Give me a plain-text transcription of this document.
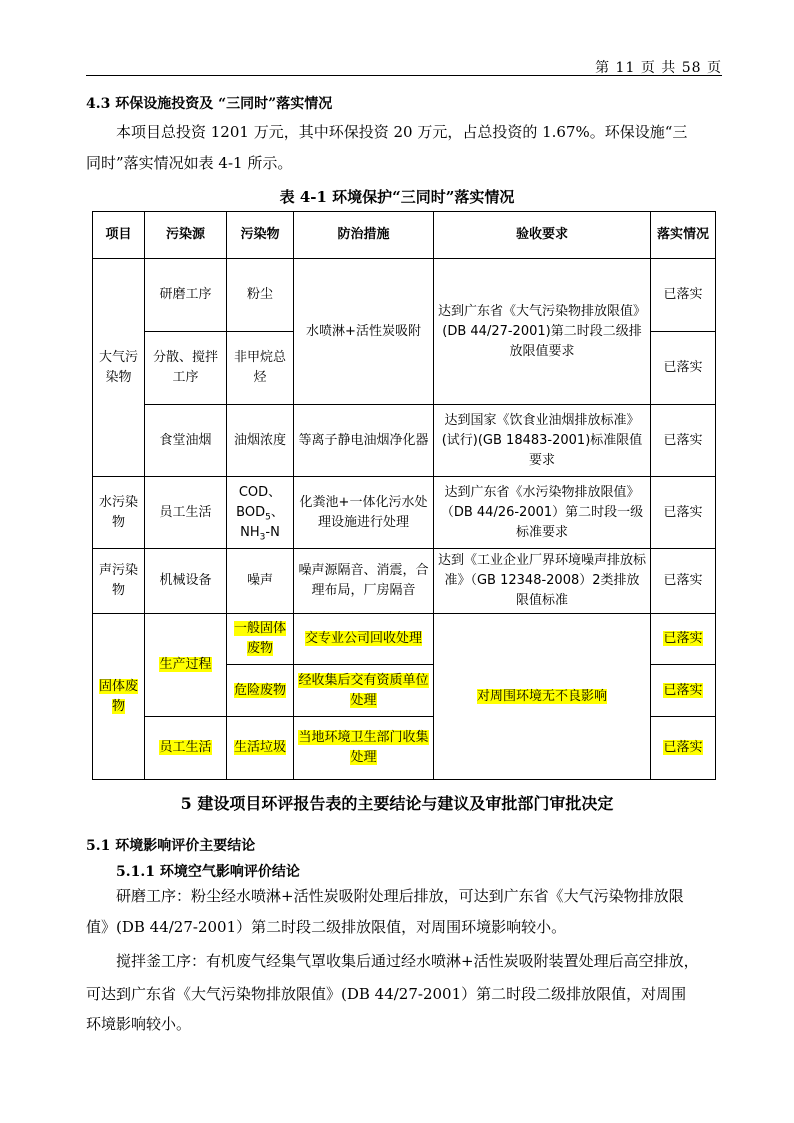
第 11 页 共 58 页
4.3 环保设施投资及 “三同时”落实情况
本项目总投资 1201 万元，其中环保投资 20 万元，占总投资的 1.67%。环保设施“三
同时”落实情况如表 4-1 所示。
表 4-1 环境保护“三同时”落实情况
项目	污染源	污染物	防治措施	验收要求	落实情况
大气污染物	研磨工序	粉尘	水喷淋+活性炭吸附	达到广东省《大气污染物排放限值》(DB 44/27-2001)第二时段二级排放限值要求	已落实
	分散、搅拌工序	非甲烷总烃			已落实
	食堂油烟	油烟浓度	等离子静电油烟净化器	达到国家《饮食业油烟排放标准》(试行)(GB 18483-2001)标准限值要求	已落实
水污染物	员工生活	COD、$BOD_5$、$NH_3-N$	化粪池+一体化污水处理设施进行处理	达到广东省《水污染物排放限值》（DB 44/26-2001）第二时段一级标准要求	已落实
声污染物	机械设备	噪声	噪声源隔音、消震，合理布局，厂房隔音	达到《工业企业厂界环境噪声排放标准》（GB 12348-2008）2类排放限值标准	已落实
固体废物	生产过程	一般固体废物	交专业公司回收处理	对周围环境无不良影响	已落实
		危险废物	经收集后交有资质单位处理		已落实
	员工生活	生活垃圾	当地环境卫生部门收集处理		已落实
5 建设项目环评报告表的主要结论与建议及审批部门审批决定
5.1 环境影响评价主要结论
5.1.1 环境空气影响评价结论
研磨工序：粉尘经水喷淋+活性炭吸附处理后排放，可达到广东省《大气污染物排放限
值》(DB 44/27-2001）第二时段二级排放限值，对周围环境影响较小。
搅拌釜工序：有机废气经集气罩收集后通过经水喷淋+活性炭吸附装置处理后高空排放，
可达到广东省《大气污染物排放限值》(DB 44/27-2001）第二时段二级排放限值，对周围
环境影响较小。
